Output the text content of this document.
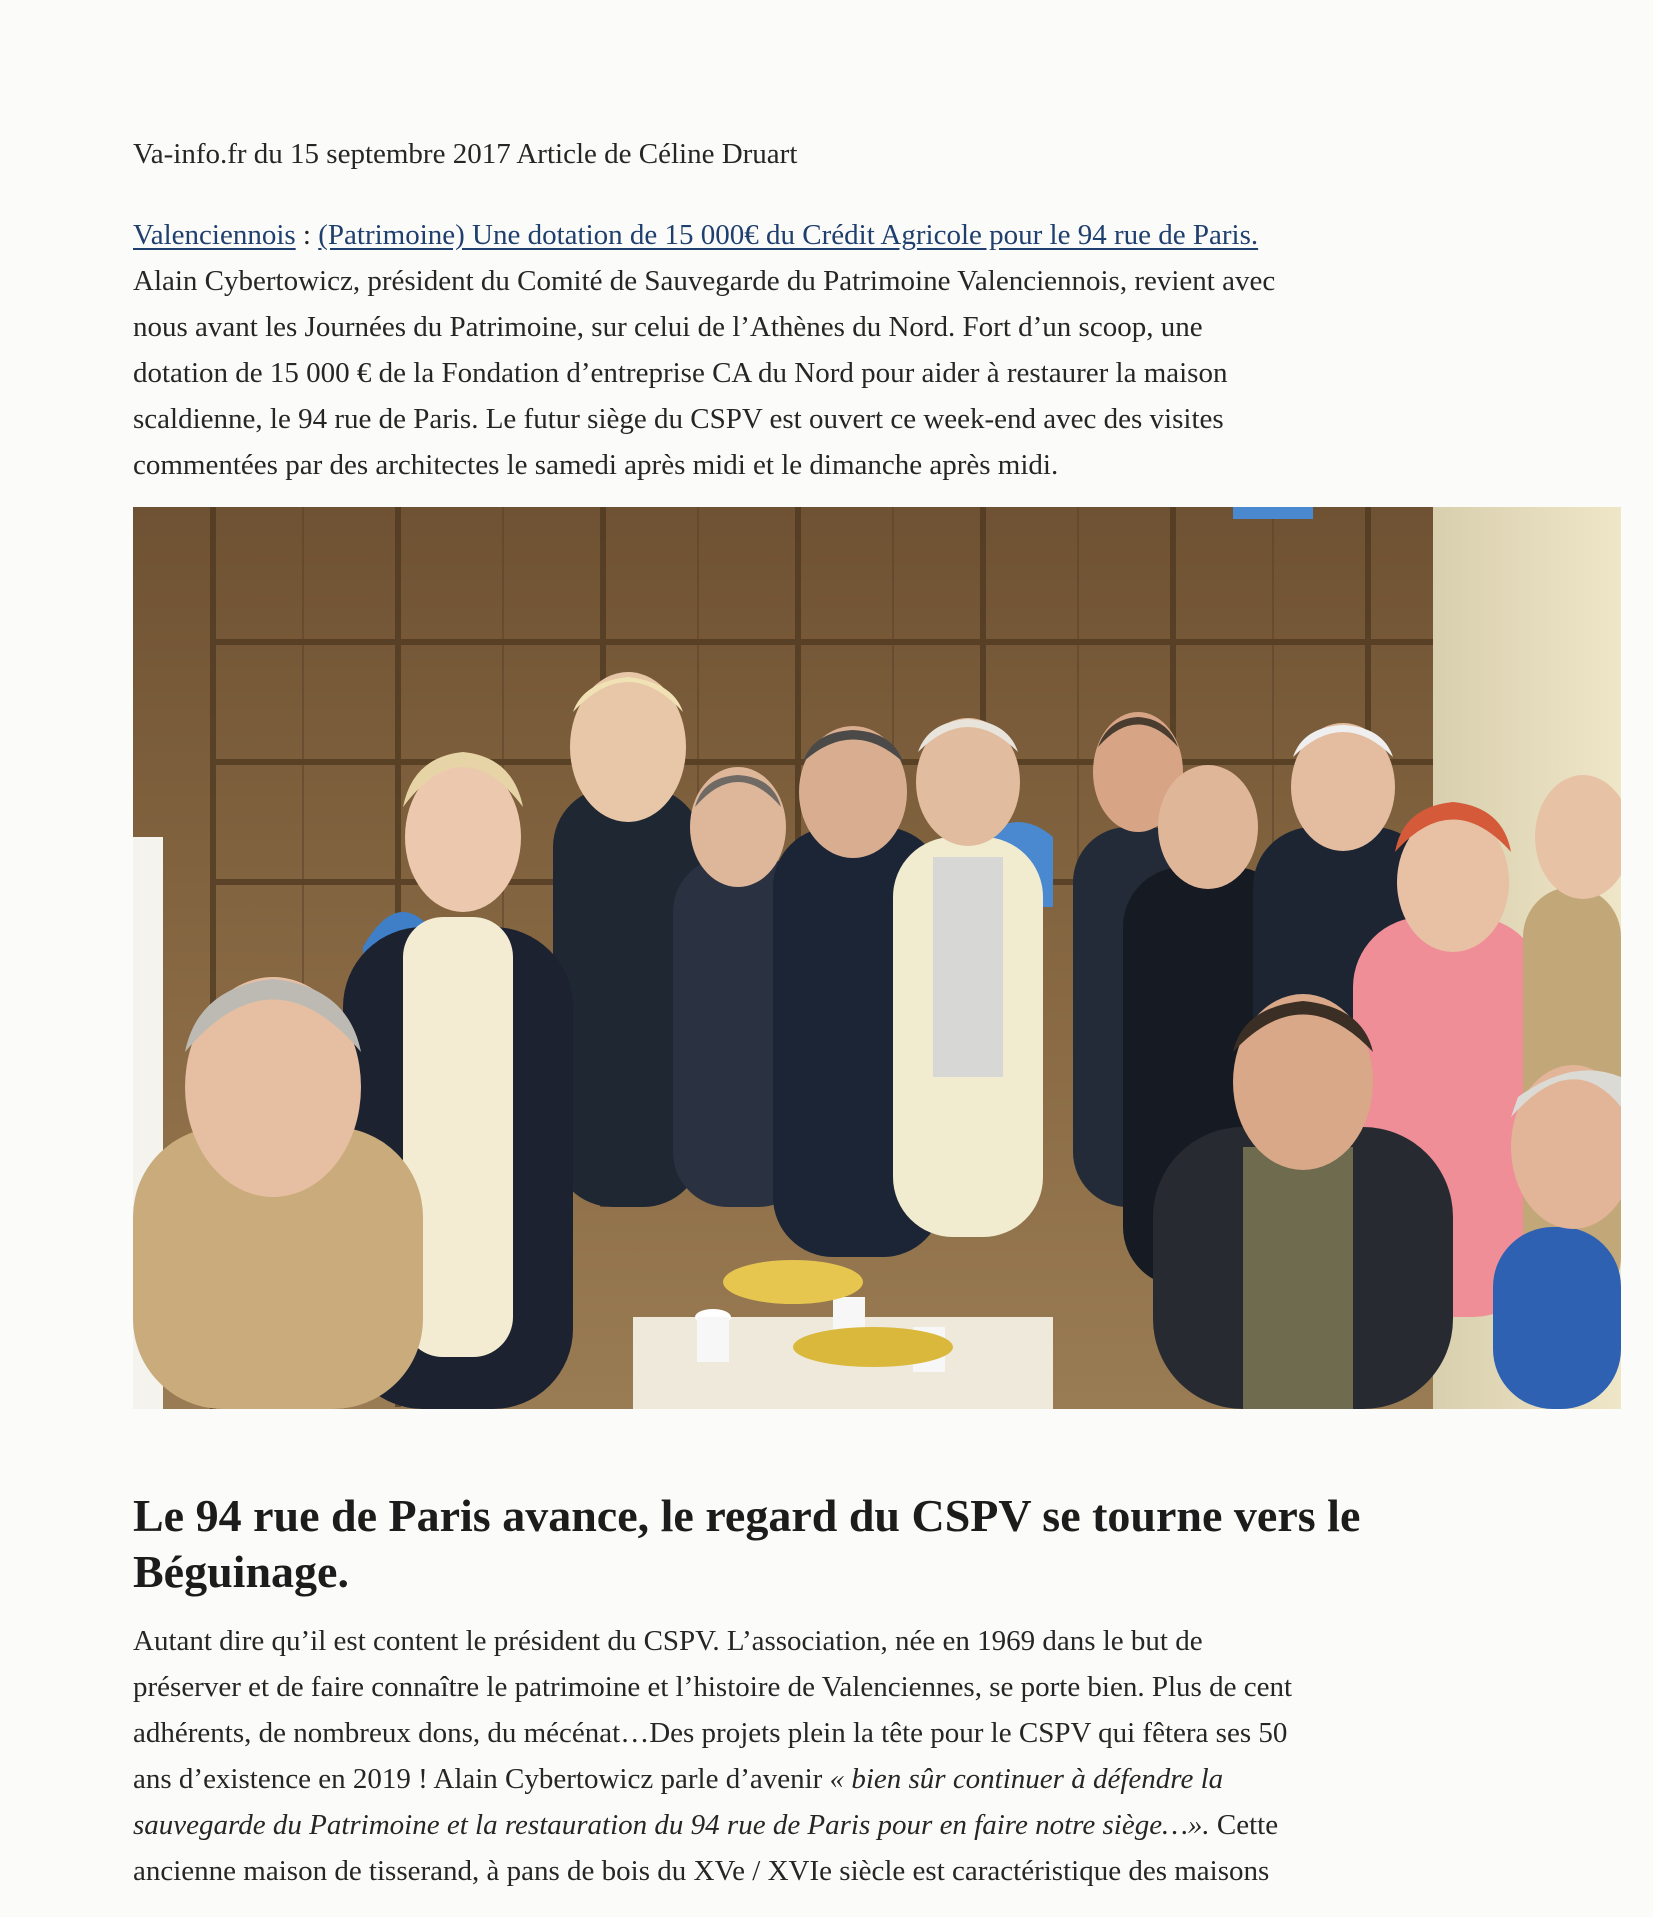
Va-info.fr du 15 septembre 2017 Article de Céline Druart
Valenciennois : (Patrimoine) Une dotation de 15 000€ du Crédit Agricole pour le 94 rue de Paris.
Alain Cybertowicz, président du Comité de Sauvegarde du Patrimoine Valenciennois, revient avec
nous avant les Journées du Patrimoine, sur celui de l’Athènes du Nord. Fort d’un scoop, une
dotation de 15 000 € de la Fondation d’entreprise CA du Nord pour aider à restaurer la maison
scaldienne, le 94 rue de Paris. Le futur siège du CSPV est ouvert ce week-end avec des visites
commentées par des architectes le samedi après midi et le dimanche après midi.
Le 94 rue de Paris avance, le regard du CSPV se tourne vers le
Béguinage.
Autant dire qu’il est content le président du CSPV. L’association, née en 1969 dans le but de
préserver et de faire connaître le patrimoine et l’histoire de Valenciennes, se porte bien. Plus de cent
adhérents, de nombreux dons, du mécénat…Des projets plein la tête pour le CSPV qui fêtera ses 50
ans d’existence en 2019 ! Alain Cybertowicz parle d’avenir « bien sûr continuer à défendre la
sauvegarde du Patrimoine et la restauration du 94 rue de Paris pour en faire notre siège…». Cette
ancienne maison de tisserand, à pans de bois du XVe / XVIe siècle est caractéristique des maisons
